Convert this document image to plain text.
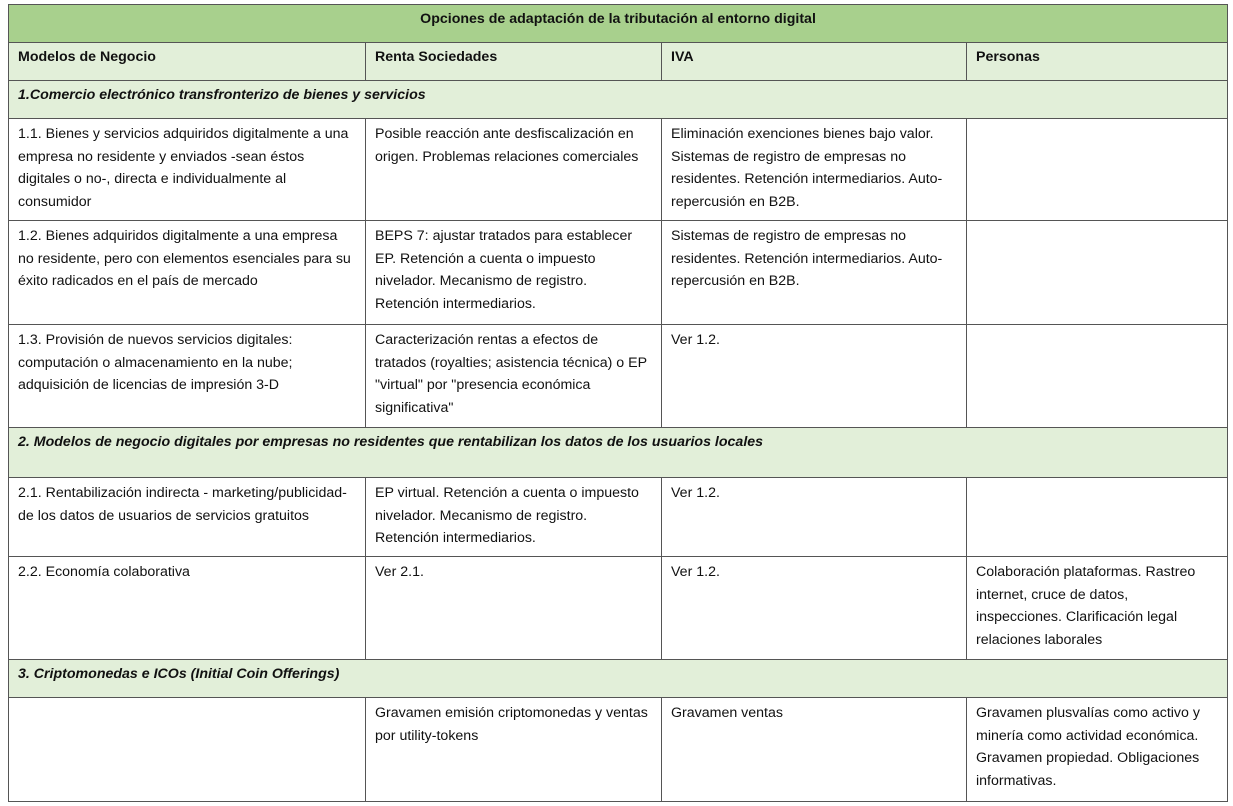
Opciones de adaptación de la tributación al entorno digital			
Modelos de Negocio	Renta Sociedades	IVA	Personas
1.Comercio electrónico transfronterizo de bienes y servicios			
1.1. Bienes y servicios adquiridos digitalmente a una empresa no residente y enviados -sean éstos digitales o no-, directa e individualmente al consumidor	Posible reacción ante desfiscalización en origen. Problemas relaciones comerciales	Eliminación exenciones bienes bajo valor. Sistemas de registro de empresas no residentes. Retención intermediarios. Auto-repercusión en B2B.	
1.2. Bienes adquiridos digitalmente a una empresa no residente, pero con elementos esenciales para su éxito radicados en el país de mercado	BEPS 7: ajustar tratados para establecer EP. Retención a cuenta o impuesto nivelador. Mecanismo de registro. Retención intermediarios.	Sistemas de registro de empresas no residentes. Retención intermediarios. Auto-repercusión en B2B.	
1.3. Provisión de nuevos servicios digitales: computación o almacenamiento en la nube; adquisición de licencias de impresión 3-D	Caracterización rentas a efectos de tratados (royalties; asistencia técnica) o EP "virtual" por "presencia económica significativa"	Ver 1.2.	
2. Modelos de negocio digitales por empresas no residentes que rentabilizan los datos de los usuarios locales			
2.1. Rentabilización indirecta - marketing/publicidad- de los datos de usuarios de servicios gratuitos	EP virtual. Retención a cuenta o impuesto nivelador. Mecanismo de registro. Retención intermediarios.	Ver 1.2.	
2.2. Economía colaborativa	Ver 2.1.	Ver 1.2.	Colaboración plataformas. Rastreo internet, cruce de datos, inspecciones. Clarificación legal relaciones laborales
3. Criptomonedas e ICOs (Initial Coin Offerings)			
	Gravamen emisión criptomonedas y ventas por utility-tokens	Gravamen ventas	Gravamen plusvalías como activo y minería como actividad económica. Gravamen propiedad. Obligaciones informativas.
